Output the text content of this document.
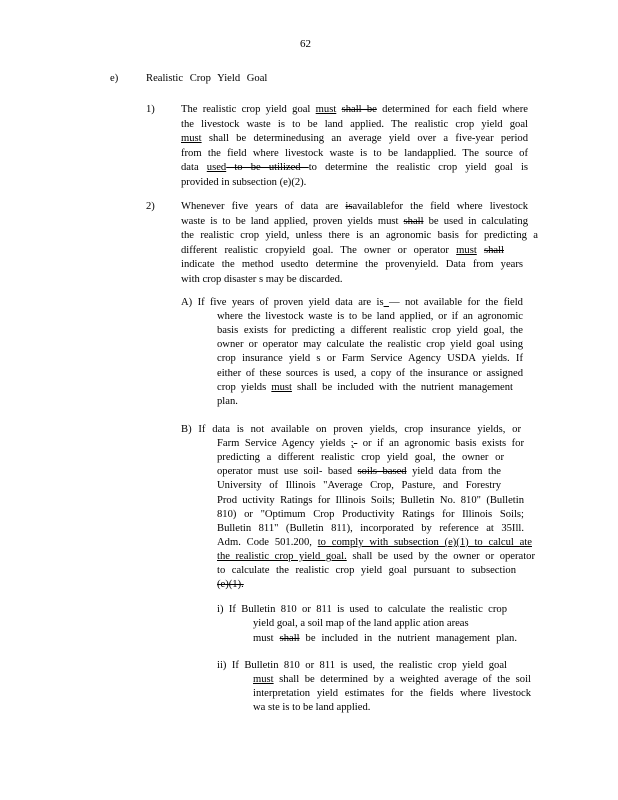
62
e)	Realistic Crop Yield Goal
1) The realistic crop yield goal must shall be determined for each field where
the livestock waste is to be land applied. The realistic crop yield goal
must shall be determinedusing an average yield over a five-year period
from the field where livestock waste is to be landapplied. The source of
data used to be utilized to determine the realistic crop yield goal is
provided in subsection (e)(2).
2) Whenever five years of data are isavailablefor the field where livestock
waste is to be land applied, proven yields must shall be used in calculating
the realistic crop yield, unless there is an agronomic basis for predicting a
different realistic cropyield goal. The owner or operator must shall
indicate the method usedto determine the provenyield. Data from years
with crop disaster s may be discarded.
A) If five years of proven yield data are is — not available for the field
where the livestock waste is to be land applied, or if an agronomic
basis exists for predicting a different realistic crop yield goal, the
owner or operator may calculate the realistic crop yield goal using
crop insurance yield s or Farm Service Agency USDA yields. If
either of these sources is used, a copy of the insurance or assigned
crop yields must shall be included with the nutrient management
plan.
B) If data is not available on proven yields, crop insurance yields, or
Farm Service Agency yields ;- or if an agronomic basis exists for
predicting a different realistic crop yield goal, the owner or
operator must use soil- based soils based yield data from the
University of Illinois "Average Crop, Pasture, and Forestry
Prod uctivity Ratings for Illinois Soils; Bulletin No. 810" (Bulletin
810) or "Optimum Crop Productivity Ratings for Illinois Soils;
Bulletin 811" (Bulletin 811), incorporated by reference at 35Ill.
Adm. Code 501.200, to comply with subsection (e)(1) to calcul ate
the realistic crop yield goal. shall be used by the owner or operator
to calculate the realistic crop yield goal pursuant to subsection
(e)(1).
i) If Bulletin 810 or 811 is used to calculate the realistic crop
yield goal, a soil map of the land applic ation areas
must shall be included in the nutrient management plan.
ii) If Bulletin 810 or 811 is used, the realistic crop yield goal
must shall be determined by a weighted average of the soil
interpretation yield estimates for the fields where livestock
wa ste is to be land applied.
